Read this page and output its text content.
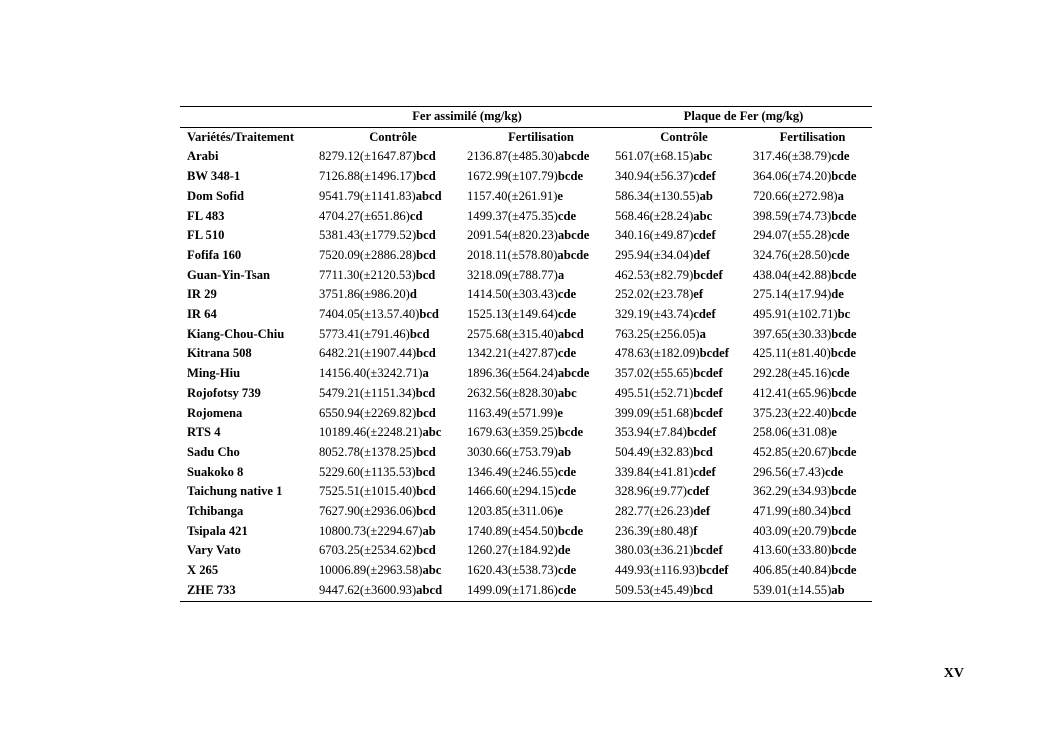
	Fer assimilé (mg/kg)		Plaque de Fer (mg/kg)	
Variétés/Traitement	Contrôle	Fertilisation	Contrôle	Fertilisation
Arabi	8279.12(±1647.87)bcd	2136.87(±485.30)abcde	561.07(±68.15)abc	317.46(±38.79)cde
BW 348-1	7126.88(±1496.17)bcd	1672.99(±107.79)bcde	340.94(±56.37)cdef	364.06(±74.20)bcde
Dom Sofid	9541.79(±1141.83)abcd	1157.40(±261.91)e	586.34(±130.55)ab	720.66(±272.98)a
FL 483	4704.27(±651.86)cd	1499.37(±475.35)cde	568.46(±28.24)abc	398.59(±74.73)bcde
FL 510	5381.43(±1779.52)bcd	2091.54(±820.23)abcde	340.16(±49.87)cdef	294.07(±55.28)cde
Fofifa 160	7520.09(±2886.28)bcd	2018.11(±578.80)abcde	295.94(±34.04)def	324.76(±28.50)cde
Guan-Yin-Tsan	7711.30(±2120.53)bcd	3218.09(±788.77)a	462.53(±82.79)bcdef	438.04(±42.88)bcde
IR 29	3751.86(±986.20)d	1414.50(±303.43)cde	252.02(±23.78)ef	275.14(±17.94)de
IR 64	7404.05(±13.57.40)bcd	1525.13(±149.64)cde	329.19(±43.74)cdef	495.91(±102.71)bc
Kiang-Chou-Chiu	5773.41(±791.46)bcd	2575.68(±315.40)abcd	763.25(±256.05)a	397.65(±30.33)bcde
Kitrana 508	6482.21(±1907.44)bcd	1342.21(±427.87)cde	478.63(±182.09)bcdef	425.11(±81.40)bcde
Ming-Hiu	14156.40(±3242.71)a	1896.36(±564.24)abcde	357.02(±55.65)bcdef	292.28(±45.16)cde
Rojofotsy 739	5479.21(±1151.34)bcd	2632.56(±828.30)abc	495.51(±52.71)bcdef	412.41(±65.96)bcde
Rojomena	6550.94(±2269.82)bcd	1163.49(±571.99)e	399.09(±51.68)bcdef	375.23(±22.40)bcde
RTS 4	10189.46(±2248.21)abc	1679.63(±359.25)bcde	353.94(±7.84)bcdef	258.06(±31.08)e
Sadu Cho	8052.78(±1378.25)bcd	3030.66(±753.79)ab	504.49(±32.83)bcd	452.85(±20.67)bcde
Suakoko 8	5229.60(±1135.53)bcd	1346.49(±246.55)cde	339.84(±41.81)cdef	296.56(±7.43)cde
Taichung native 1	7525.51(±1015.40)bcd	1466.60(±294.15)cde	328.96(±9.77)cdef	362.29(±34.93)bcde
Tchibanga	7627.90(±2936.06)bcd	1203.85(±311.06)e	282.77(±26.23)def	471.99(±80.34)bcd
Tsipala 421	10800.73(±2294.67)ab	1740.89(±454.50)bcde	236.39(±80.48)f	403.09(±20.79)bcde
Vary Vato	6703.25(±2534.62)bcd	1260.27(±184.92)de	380.03(±36.21)bcdef	413.60(±33.80)bcde
X 265	10006.89(±2963.58)abc	1620.43(±538.73)cde	449.93(±116.93)bcdef	406.85(±40.84)bcde
ZHE 733	9447.62(±3600.93)abcd	1499.09(±171.86)cde	509.53(±45.49)bcd	539.01(±14.55)ab
XV
